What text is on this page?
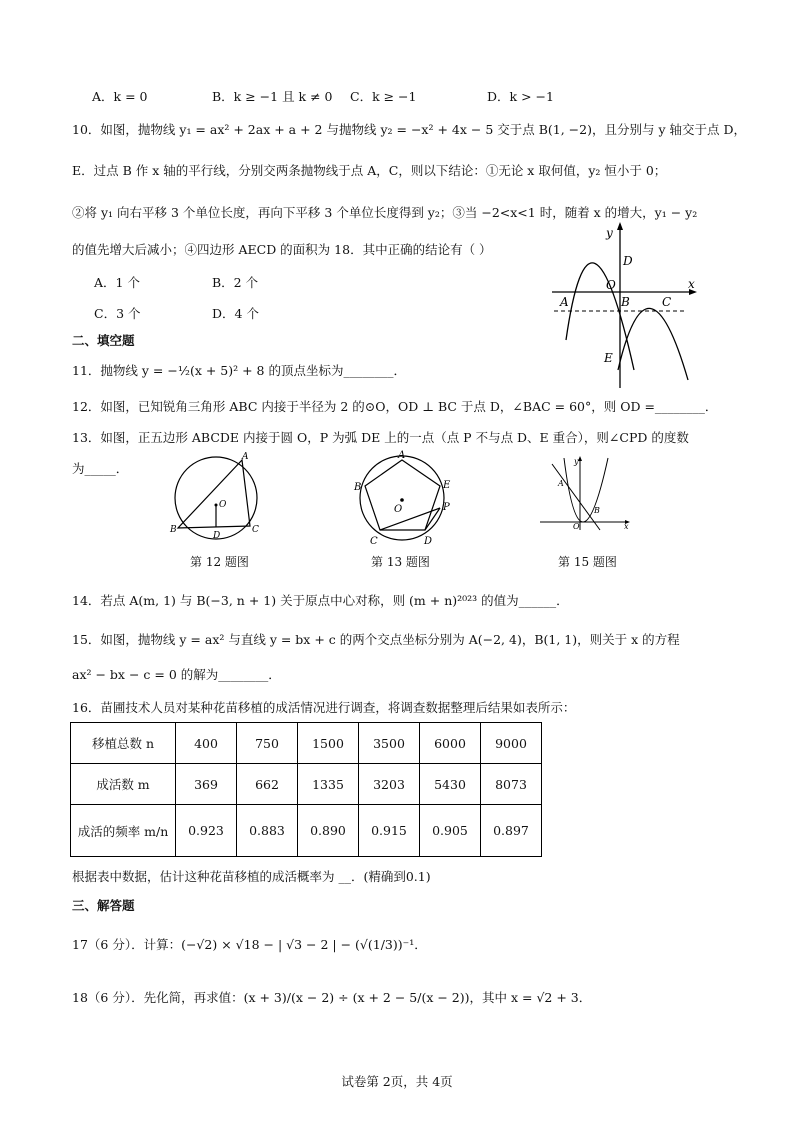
A．k = 0	B．k ≥ −1 且 k ≠ 0 C．k ≥ −1	D．k > −1
10．如图，抛物线 y₁ = ax² + 2ax + a + 2 与抛物线 y₂ = −x² + 4x − 5 交于点 B(1, −2)，且分别与 y 轴交于点 D，
E．过点 B 作 x 轴的平行线，分别交两条抛物线于点 A，C，则以下结论：①无论 x 取何值，y₂ 恒小于 0；
②将 y₁ 向右平移 3 个单位长度，再向下平移 3 个单位长度得到 y₂；③当 −2<x<1 时，随着 x 的增大，y₁ − y₂
的值先增大后减小；④四边形 AECD 的面积为 18．其中正确的结论有（ ）
A．1 个	B．2 个
C．3 个	D．4 个
y
x
O
D
A	B	C
E
二、填空题
11．抛物线 y = −½(x + 5)² + 8 的顶点坐标为________．
12．如图，已知锐角三角形 ABC 内接于半径为 2 的⊙O，OD ⊥ BC 于点 D，∠BAC = 60°，则 OD =________．
13．如图，正五边形 ABCDE 内接于圆 O，P 为弧 DE 上的一点（点 P 不与点 D、E 重合），则∠CPD 的度数
为_____．
A
B	C
D
O
第 12 题图
A
B
C	D
E
P
O
第 13 题图
y
x
O
A
B
第 15 题图
14．若点 A(m, 1) 与 B(−3, n + 1) 关于原点中心对称，则 (m + n)²⁰²³ 的值为______．
15．如图，抛物线 y = ax² 与直线 y = bx + c 的两个交点坐标分别为 A(−2, 4)，B(1, 1)，则关于 x 的方程
ax² − bx − c = 0 的解为________．
16．苗圃技术人员对某种花苗移植的成活情况进行调查，将调查数据整理后结果如表所示：
移植总数 n	400	750	1500	3500	6000	9000
成活数 m	369	662	1335	3203	5430	8073
成活的频率 m/n	0.923	0.883	0.890	0.915	0.905	0.897
根据表中数据，估计这种花苗移植的成活概率为 __．(精确到0.1)
三、解答题
17（6 分）．计算：(−√2) × √18 − | √3 − 2 | − (√(1/3))⁻¹．
18（6 分）．先化简，再求值：(x + 3)/(x − 2) ÷ (x + 2 − 5/(x − 2))，其中 x = √2 + 3．
试卷第 2页，共 4页
